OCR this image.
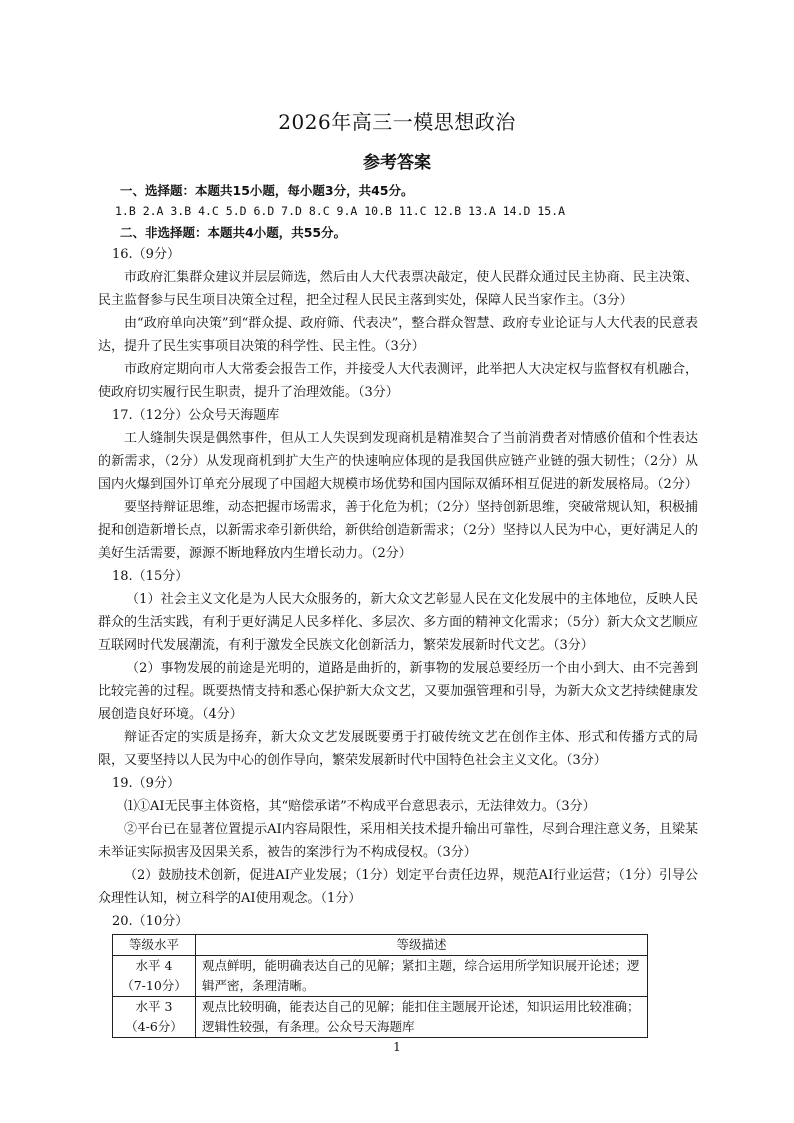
2026年高三一模思想政治
参考答案
一、选择题：本题共15小题，每小题3分，共45分。
1.B 2.A 3.B 4.C 5.D 6.D 7.D 8.C 9.A 10.B 11.C 12.B 13.A 14.D 15.A
二、非选择题：本题共4小题，共55分。
16.（9分）

市政府汇集群众建议并层层筛选，然后由人大代表票决敲定，使人民群众通过民主协商、民主决策、民主监督参与民生项目决策全过程，把全过程人民民主落到实处，保障人民当家作主。（3分）

由“政府单向决策”到“群众提、政府筛、代表决”，整合群众智慧、政府专业论证与人大代表的民意表达，提升了民生实事项目决策的科学性、民主性。（3分）

市政府定期向市人大常委会报告工作，并接受人大代表测评，此举把人大决定权与监督权有机融合，使政府切实履行民生职责，提升了治理效能。（3分）

17.（12分）公众号天海题库

工人缝制失误是偶然事件，但从工人失误到发现商机是精准契合了当前消费者对情感价值和个性表达的新需求，（2分）从发现商机到扩大生产的快速响应体现的是我国供应链产业链的强大韧性；（2分）从国内火爆到国外订单充分展现了中国超大规模市场优势和国内国际双循环相互促进的新发展格局。（2分）

要坚持辩证思维，动态把握市场需求，善于化危为机；（2分）坚持创新思维，突破常规认知，积极捕捉和创造新增长点，以新需求牵引新供给，新供给创造新需求；（2分）坚持以人民为中心，更好满足人的美好生活需要，源源不断地释放内生增长动力。（2分）

18.（15分）

（1）社会主义文化是为人民大众服务的，新大众文艺彰显人民在文化发展中的主体地位，反映人民群众的生活实践，有利于更好满足人民多样化、多层次、多方面的精神文化需求；（5分）新大众文艺顺应互联网时代发展潮流，有利于激发全民族文化创新活力，繁荣发展新时代文艺。（3分）

（2）事物发展的前途是光明的，道路是曲折的，新事物的发展总要经历一个由小到大、由不完善到比较完善的过程。既要热情支持和悉心保护新大众文艺，又要加强管理和引导，为新大众文艺持续健康发展创造良好环境。（4分）

辩证否定的实质是扬弃，新大众文艺发展既要勇于打破传统文艺在创作主体、形式和传播方式的局限，又要坚持以人民为中心的创作导向，繁荣发展新时代中国特色社会主义文化。（3分）

19.（9分）

⑴①AI无民事主体资格，其“赔偿承诺”不构成平台意思表示，无法律效力。（3分）

②平台已在显著位置提示AI内容局限性，采用相关技术提升输出可靠性，尽到合理注意义务，且梁某未举证实际损害及因果关系，被告的案涉行为不构成侵权。（3分）

（2）鼓励技术创新，促进AI产业发展；（1分）划定平台责任边界，规范AI行业运营；（1分）引导公众理性认知，树立科学的AI使用观念。（1分）

20.（10分）
等级水平	等级描述

水平 4
（7-10分）	观点鲜明，能明确表达自己的见解；紧扣主题，综合运用所学知识展开论述；逻辑严密，条理清晰。

水平 3
（4-6分）	观点比较明确，能表达自己的见解；能扣住主题展开论述，知识运用比较准确；逻辑性较强，有条理。公众号天海题库
1
